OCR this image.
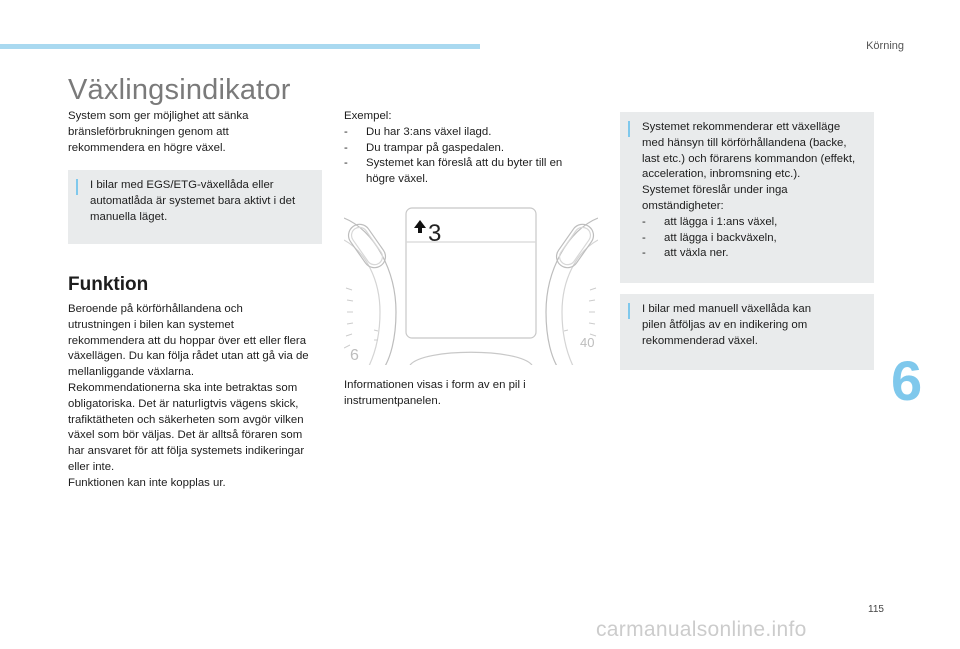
Körning
Växlingsindikator
System som ger möjlighet att sänka
bränsleförbrukningen genom att
rekommendera en högre växel.
I bilar med EGS/ETG-växellåda eller
automatlåda är systemet bara aktivt i det
manuella läget.
Funktion
Beroende på körförhållandena och
utrustningen i bilen kan systemet
rekommendera att du hoppar över ett eller flera
växellägen. Du kan följa rådet utan att gå via de
mellanliggande växlarna.
Rekommendationerna ska inte betraktas som
obligatoriska. Det är naturligtvis vägens skick,
trafiktätheten och säkerheten som avgör vilken
växel som bör väljas. Det är alltså föraren som
har ansvaret för att följa systemets indikeringar
eller inte.
Funktionen kan inte kopplas ur.
Exempel:
- Du har 3:ans växel ilagd.
- Du trampar på gaspedalen.
- Systemet kan föreslå att du byter till en
högre växel.
3
6
40
Informationen visas i form av en pil i
instrumentpanelen.
Systemet rekommenderar ett växelläge
med hänsyn till körförhållandena (backe,
last etc.) och förarens kommandon (effekt,
acceleration, inbromsning etc.).
Systemet föreslår under inga
omständigheter:
- att lägga i 1:ans växel,
- att lägga i backväxeln,
- att växla ner.
I bilar med manuell växellåda kan
pilen åtföljas av en indikering om
rekommenderad växel.
6
115
carmanualsonline.info
